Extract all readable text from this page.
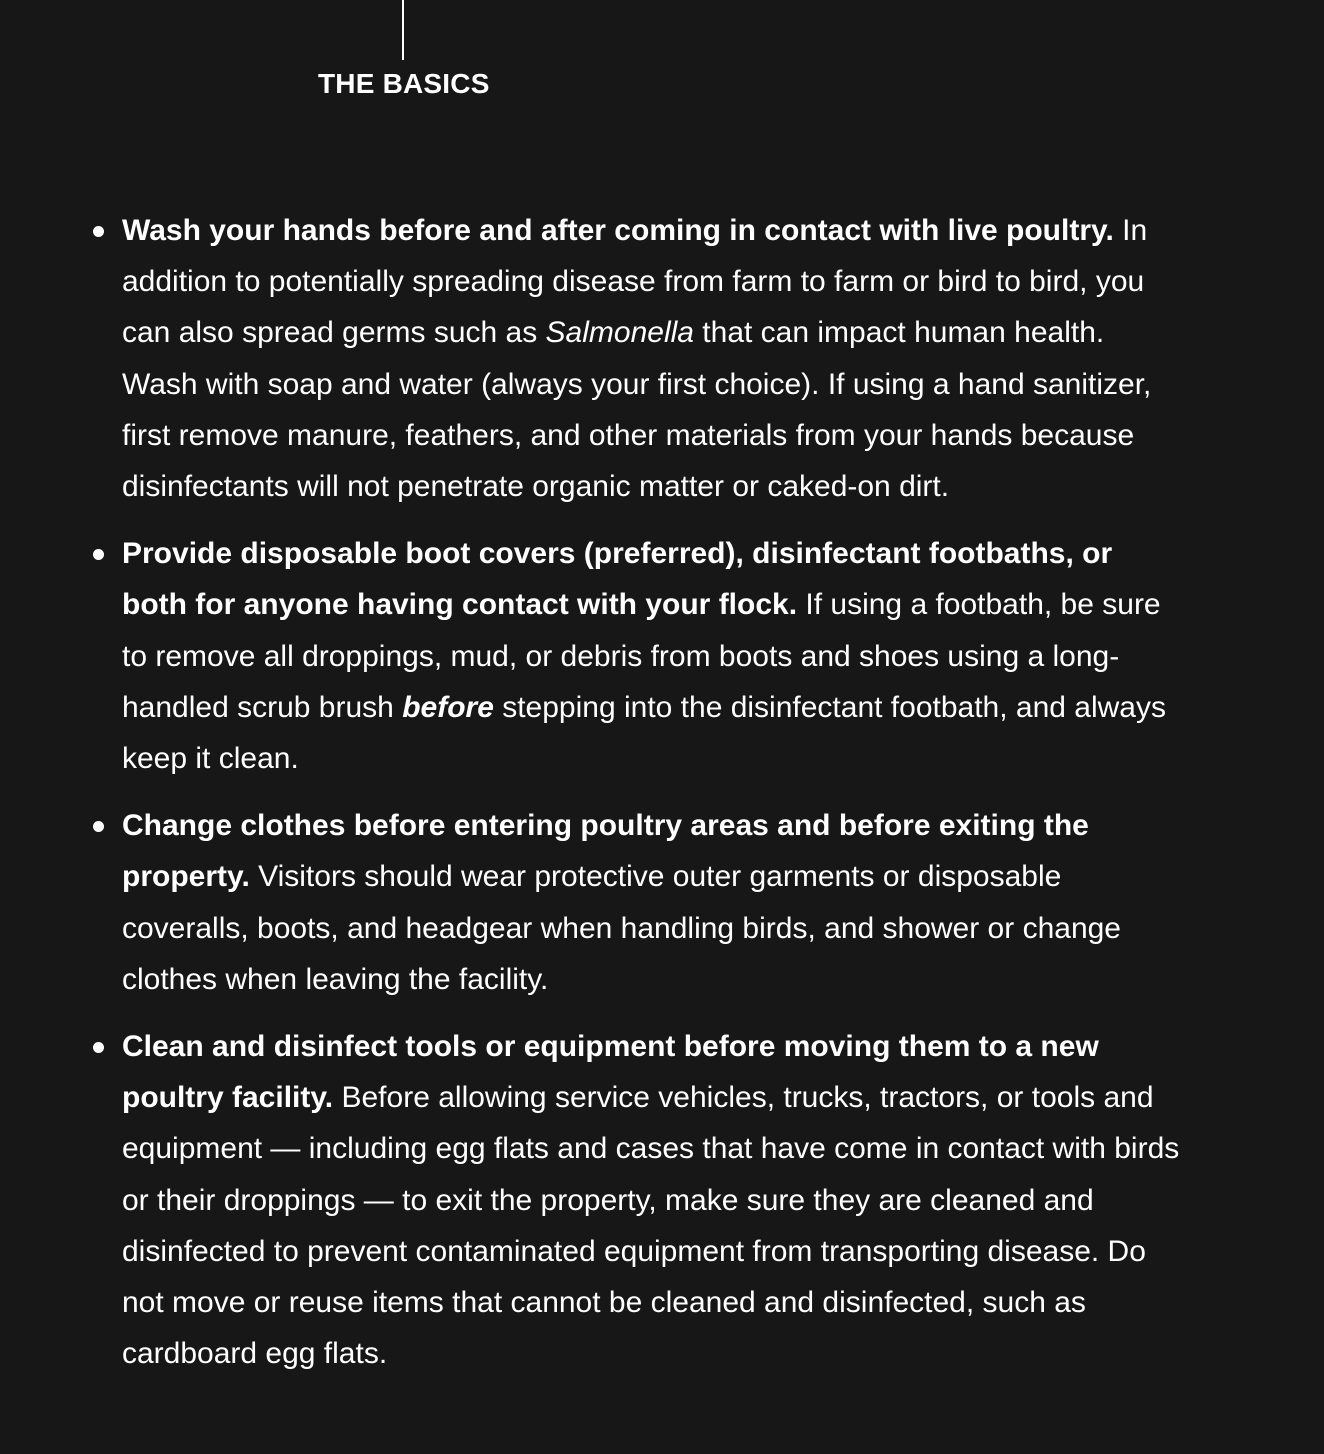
THE BASICS
Wash your hands before and after coming in contact with live poultry. In addition to potentially spreading disease from farm to farm or bird to bird, you can also spread germs such as Salmonella that can impact human health. Wash with soap and water (always your first choice). If using a hand sanitizer, first remove manure, feathers, and other materials from your hands because disinfectants will not penetrate organic matter or caked-on dirt.
Provide disposable boot covers (preferred), disinfectant footbaths, or both for anyone having contact with your flock. If using a footbath, be sure to remove all droppings, mud, or debris from boots and shoes using a long-handled scrub brush before stepping into the disinfectant footbath, and always keep it clean.
Change clothes before entering poultry areas and before exiting the property. Visitors should wear protective outer garments or disposable coveralls, boots, and headgear when handling birds, and shower or change clothes when leaving the facility.
Clean and disinfect tools or equipment before moving them to a new poultry facility. Before allowing service vehicles, trucks, tractors, or tools and equipment — including egg flats and cases that have come in contact with birds or their droppings — to exit the property, make sure they are cleaned and disinfected to prevent contaminated equipment from transporting disease. Do not move or reuse items that cannot be cleaned and disinfected, such as cardboard egg flats.
